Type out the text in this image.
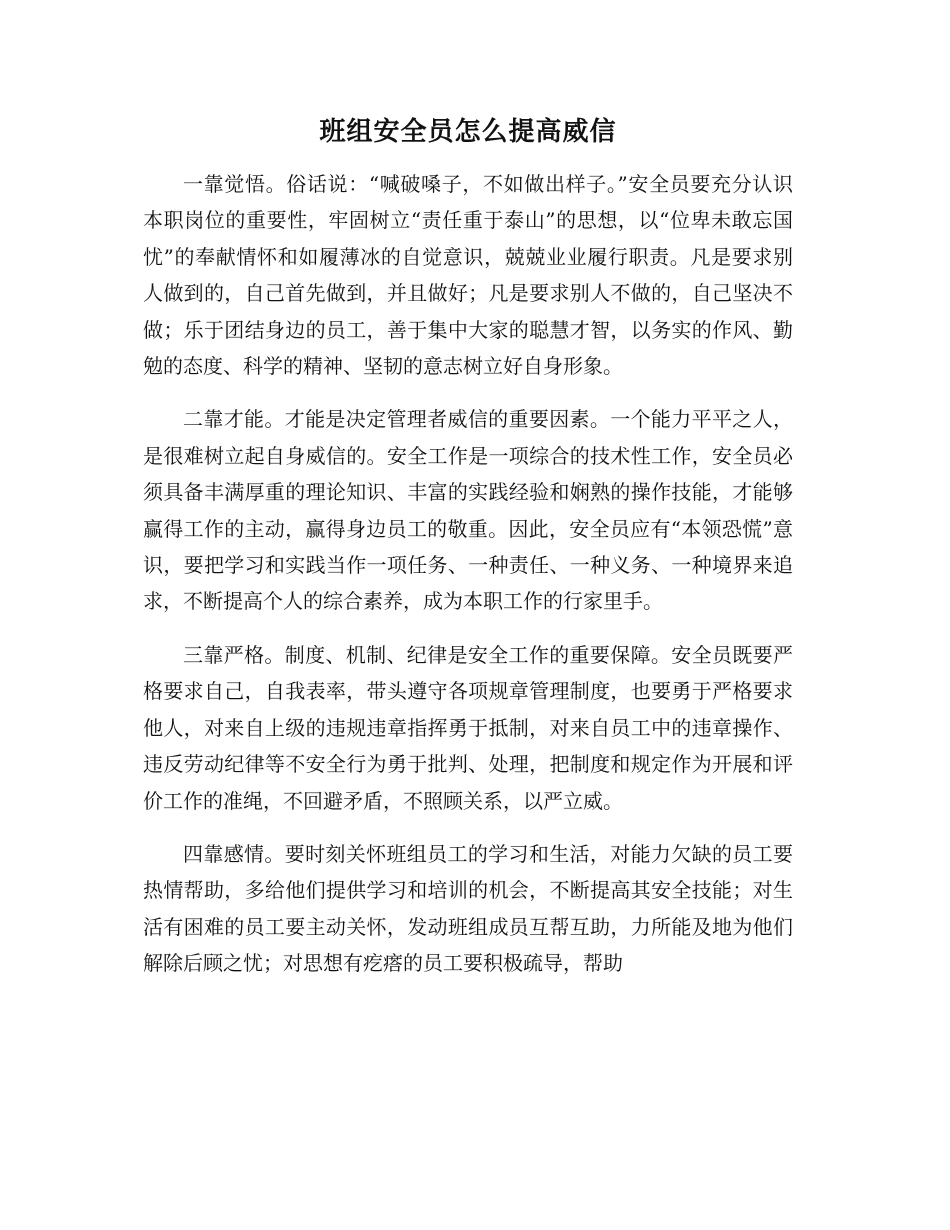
班组安全员怎么提高威信

一靠觉悟。俗话说：“喊破嗓子，不如做出样子。”安全员要充分认识本职岗位的重要性，牢固树立“责任重于泰山”的思想，以“位卑未敢忘国忧”的奉献情怀和如履薄冰的自觉意识，兢兢业业履行职责。凡是要求别人做到的，自己首先做到，并且做好；凡是要求别人不做的，自己坚决不做；乐于团结身边的员工，善于集中大家的聪慧才智，以务实的作风、勤勉的态度、科学的精神、坚韧的意志树立好自身形象。

二靠才能。才能是决定管理者威信的重要因素。一个能力平平之人，是很难树立起自身威信的。安全工作是一项综合的技术性工作，安全员必须具备丰满厚重的理论知识、丰富的实践经验和娴熟的操作技能，才能够赢得工作的主动，赢得身边员工的敬重。因此，安全员应有“本领恐慌”意识，要把学习和实践当作一项任务、一种责任、一种义务、一种境界来追求，不断提高个人的综合素养，成为本职工作的行家里手。

三靠严格。制度、机制、纪律是安全工作的重要保障。安全员既要严格要求自己，自我表率，带头遵守各项规章管理制度，也要勇于严格要求他人，对来自上级的违规违章指挥勇于抵制，对来自员工中的违章操作、违反劳动纪律等不安全行为勇于批判、处理，把制度和规定作为开展和评价工作的准绳，不回避矛盾，不照顾关系，以严立威。

四靠感情。要时刻关怀班组员工的学习和生活，对能力欠缺的员工要热情帮助，多给他们提供学习和培训的机会，不断提高其安全技能；对生活有困难的员工要主动关怀，发动班组成员互帮互助，力所能及地为他们解除后顾之忧；对思想有疙瘩的员工要积极疏导，帮助
